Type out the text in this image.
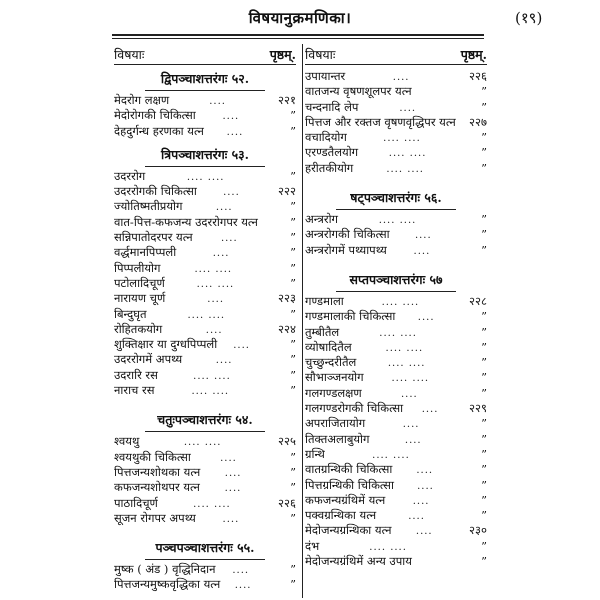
विषयानुक्रमणिका।	(१९)
विषयाः	पृष्ठम्.
द्विपञ्चाशत्तरंगः ५२.
मेदरोग लक्षण	....	२२१
मेदोरोगकी चिकित्सा	....	”
देहदुर्गन्ध हरणका यत्न	....	”
त्रिपञ्चाशत्तरंगः ५३.
उदररोग	.... ....	”
उदररोगकी चिकित्सा	....	२२२
ज्योतिष्मतीप्रयोग	....	”
वात-पित्त-कफजन्य उदररोगपर यत्न	”
सन्निपातोदरपर यत्न	....	”
वर्द्धमानपिप्पली	....	”
पिप्पलीयोग	.... ....	”
पटोलादिचूर्ण	.... ....	”
नारायण चूर्ण	....	२२३
बिन्दुघृत	.... ....	”
रोहितकयोग	....	२२४
शुक्तिक्षार या दुग्धपिप्पली	....	”
उदररोगमें अपथ्य	....	”
उदरारि रस	.... ....	”
नाराच रस	.... ....	”
चतुःपञ्चाशत्तरंगः ५४.
श्वयथु	.... ....	२२५
श्वयथुकी चिकित्सा	....	”
पित्तजन्यशोथका यत्न	....	”
कफजन्यशोथपर यत्न	....	”
पाठादिचूर्ण	.... ....	२२६
सूजन रोगपर अपथ्य	....	”
पञ्चपञ्चाशत्तरंगः ५५.
मुष्क ( अंड ) वृद्धिनिदान	....	”
पित्तजन्यमुष्कवृद्धिका यत्न	....	”
विषयाः	पृष्ठम्.
उपायान्तर	....	२२६
वातजन्य वृषणशूलपर यत्न	”
चन्दनादि लेप	....	”
पित्तज और रक्तज वृषणवृद्धिपर यत्न	२२७
वचादियोग	.... ....	”
एरण्डतैलयोग	.... ....	”
हरीतकीयोग	.... ....	”
षट्पञ्चाशत्तरंगः ५६.
अन्त्ररोग	.... ....	”
अन्त्ररोगकी चिकित्सा	....	”
अन्त्ररोगमें पथ्यापथ्य	....	”
सप्तपञ्चाशत्तरंगः ५७
गण्डमाला	.... ....	२२८
गण्डमालाकी चिकित्सा	....	”
तुम्बीतैल	.... ....	”
व्योषादितैल	.... ....	”
चुच्छुन्दरीतैल	.... ....	”
सौभाञ्जनयोग	.... ....	”
गलगण्डलक्षण	....	”
गलगण्डरोगकी चिकित्सा	....	२२९
अपराजितायोग	....	”
तिक्तअलाबुयोग	....	”
ग्रन्थि	.... ....	”
वातग्रन्थिकी चिकित्सा	....	”
पित्तग्रन्थिकी चिकित्सा	....	”
कफजन्यग्रंथिमें यत्न	....	”
पक्वग्रन्थिका यत्न	....	”
मेदोजन्यग्रन्थिका यत्न	....	२३०
दंभ	.... ....	”
मेदोजन्यग्रंथिमें अन्य उपाय	”
